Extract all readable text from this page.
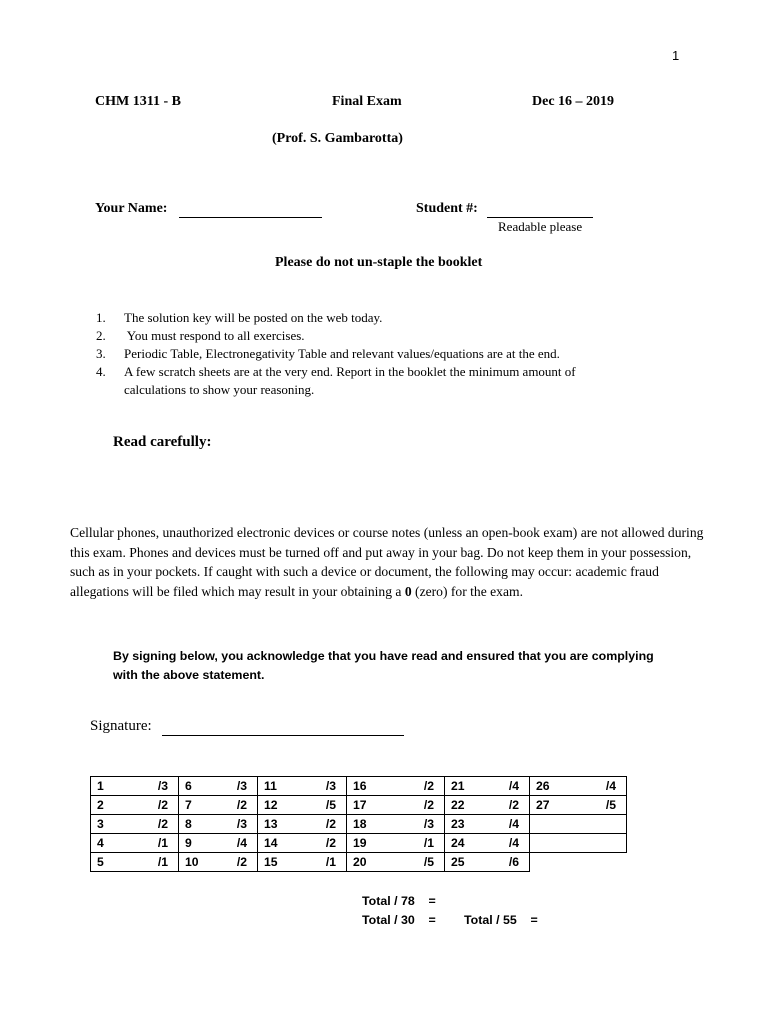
1
CHM 1311 - B	Final Exam	Dec 16 – 2019
(Prof. S. Gambarotta)
Your Name:	Student #:
Readable please
Please do not un-staple the booklet
1.	The solution key will be posted on the web today.
2.	You must respond to all exercises.
3.	Periodic Table, Electronegativity Table and relevant values/equations are at the end.
4.	A few scratch sheets are at the very end. Report in the booklet the minimum amount of
calculations to show your reasoning.
Read carefully:
Cellular phones, unauthorized electronic devices or course notes (unless an open-book exam) are not allowed during this exam. Phones and devices must be turned off and put away in your bag. Do not keep them in your possession, such as in your pockets. If caught with such a device or document, the following may occur: academic fraud allegations will be filed which may result in your obtaining a 0 (zero) for the exam.
By signing below, you acknowledge that you have read and ensured that you are complying with the above statement.
Signature:
1 /3	6 /3	11 /3	16 /2	21 /4	26 /4

2 /2	7 /2	12 /5	17 /2	22 /2	27 /5

3 /2	8 /3	13 /2	18 /3	23 /4	

4 /1	9 /4	14 /2	19 /1	24 /4	

5 /1	10 /2	15 /1	20 /5	25 /6	

Total / 78    =
Total / 30    = Total / 55    =
